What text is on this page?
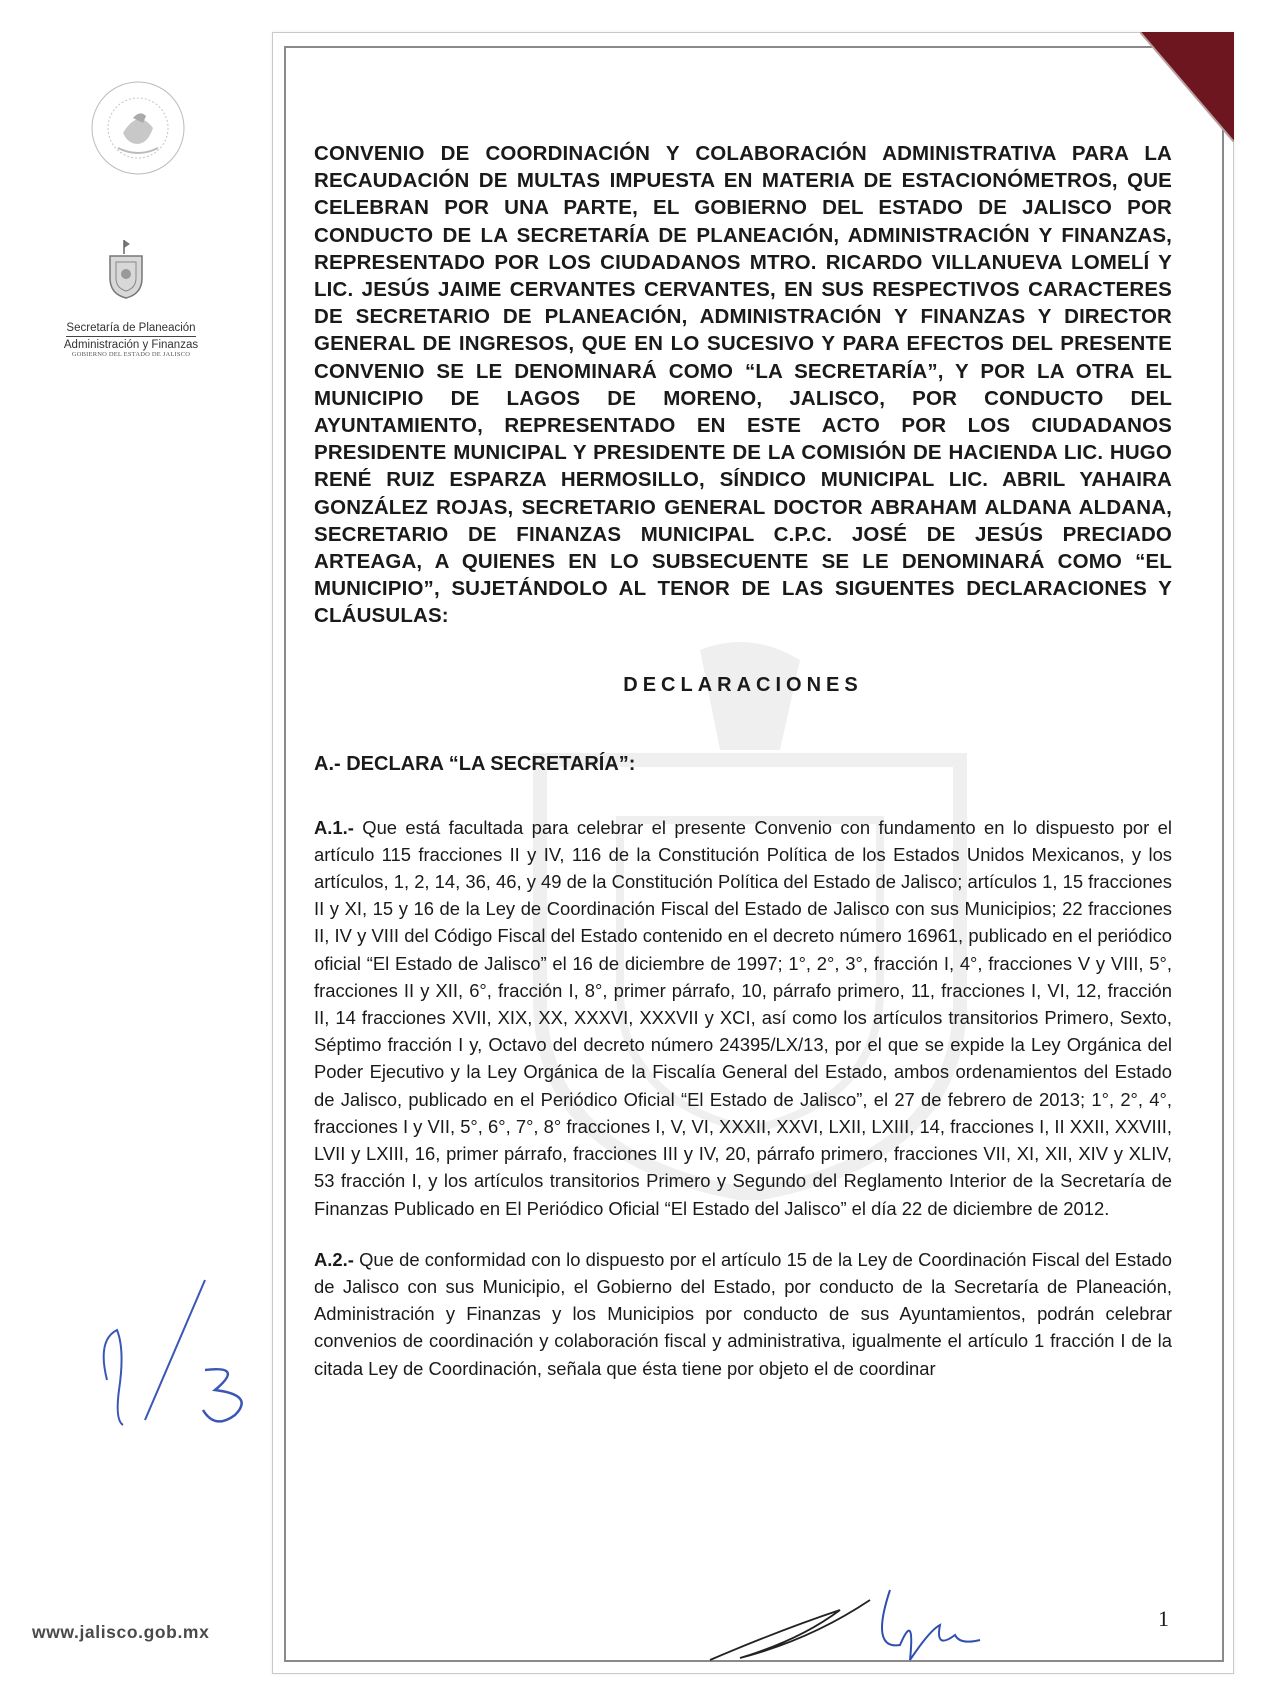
Secretaría de Planeación
Administración y Finanzas
GOBIERNO DEL ESTADO DE JALISCO
www.jalisco.gob.mx

CONVENIO DE COORDINACIÓN Y COLABORACIÓN ADMINISTRATIVA PARA LA RECAUDACIÓN DE MULTAS IMPUESTA EN MATERIA DE ESTACIONÓMETROS, QUE CELEBRAN POR UNA PARTE, EL GOBIERNO DEL ESTADO DE JALISCO POR CONDUCTO DE LA SECRETARÍA DE PLANEACIÓN, ADMINISTRACIÓN Y FINANZAS, REPRESENTADO POR LOS CIUDADANOS MTRO. RICARDO VILLANUEVA LOMELÍ Y LIC. JESÚS JAIME CERVANTES CERVANTES, EN SUS RESPECTIVOS CARACTERES DE SECRETARIO DE PLANEACIÓN, ADMINISTRACIÓN Y FINANZAS Y DIRECTOR GENERAL DE INGRESOS, QUE EN LO SUCESIVO Y PARA EFECTOS DEL PRESENTE CONVENIO SE LE DENOMINARÁ COMO “LA SECRETARÍA”, Y POR LA OTRA EL MUNICIPIO DE LAGOS DE MORENO, JALISCO, POR CONDUCTO DEL AYUNTAMIENTO, REPRESENTADO EN ESTE ACTO POR LOS CIUDADANOS PRESIDENTE MUNICIPAL Y PRESIDENTE DE LA COMISIÓN DE HACIENDA LIC. HUGO RENÉ RUIZ ESPARZA HERMOSILLO, SÍNDICO MUNICIPAL LIC. ABRIL YAHAIRA GONZÁLEZ ROJAS, SECRETARIO GENERAL DOCTOR ABRAHAM ALDANA ALDANA, SECRETARIO DE FINANZAS MUNICIPAL C.P.C. JOSÉ DE JESÚS PRECIADO ARTEAGA, A QUIENES EN LO SUBSECUENTE SE LE DENOMINARÁ COMO “EL MUNICIPIO”, SUJETÁNDOLO AL TENOR DE LAS SIGUENTES DECLARACIONES Y CLÁUSULAS:

DECLARACIONES
A.- DECLARA “LA SECRETARÍA”:

A.1.- Que está facultada para celebrar el presente Convenio con fundamento en lo dispuesto por el artículo 115 fracciones II y IV, 116 de la Constitución Política de los Estados Unidos Mexicanos, y los artículos, 1, 2, 14, 36, 46, y 49 de la Constitución Política del Estado de Jalisco; artículos 1, 15 fracciones II y XI, 15 y 16 de la Ley de Coordinación Fiscal del Estado de Jalisco con sus Municipios; 22 fracciones II, IV y VIII del Código Fiscal del Estado contenido en el decreto número 16961, publicado en el periódico oficial “El Estado de Jalisco” el 16 de diciembre de 1997; 1°, 2°, 3°, fracción I, 4°, fracciones V y VIII, 5°, fracciones II y XII, 6°, fracción I, 8°, primer párrafo, 10, párrafo primero, 11, fracciones I, VI, 12, fracción II, 14 fracciones XVII, XIX, XX, XXXVI, XXXVII y XCI, así como los artículos transitorios Primero, Sexto, Séptimo fracción I y, Octavo del decreto número 24395/LX/13, por el que se expide la Ley Orgánica del Poder Ejecutivo y la Ley Orgánica de la Fiscalía General del Estado, ambos ordenamientos del Estado de Jalisco, publicado en el Periódico Oficial “El Estado de Jalisco”, el 27 de febrero de 2013; 1°, 2°, 4°, fracciones I y VII, 5°, 6°, 7°, 8° fracciones I, V, VI, XXXII, XXVI, LXII, LXIII, 14, fracciones I, II XXII, XXVIII, LVII y LXIII, 16, primer párrafo, fracciones III y IV, 20, párrafo primero, fracciones VII, XI, XII, XIV y XLIV, 53 fracción I, y los artículos transitorios Primero y Segundo del Reglamento Interior de la Secretaría de Finanzas Publicado en El Periódico Oficial “El Estado del Jalisco” el día 22 de diciembre de 2012.

A.2.- Que de conformidad con lo dispuesto por el artículo 15 de la Ley de Coordinación Fiscal del Estado de Jalisco con sus Municipio, el Gobierno del Estado, por conducto de la Secretaría de Planeación, Administración y Finanzas y los Municipios por conducto de sus Ayuntamientos, podrán celebrar convenios de coordinación y colaboración fiscal y administrativa, igualmente el artículo 1 fracción I de la citada Ley de Coordinación, señala que ésta tiene por objeto el de coordinar

1
